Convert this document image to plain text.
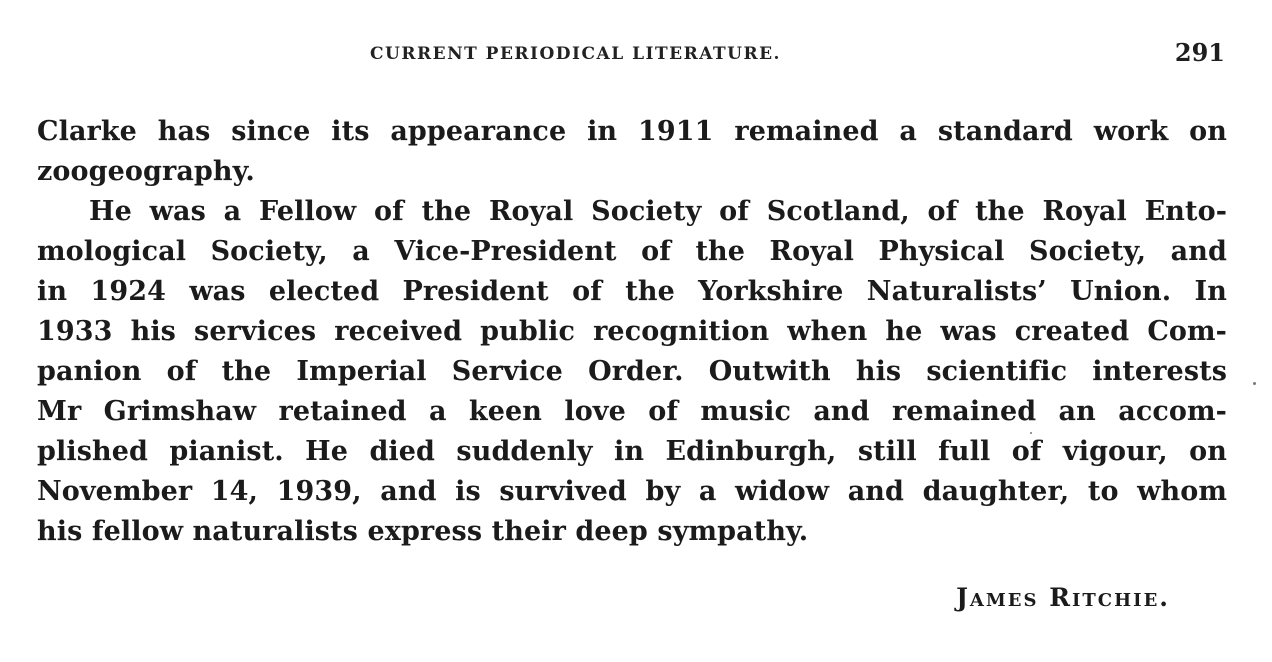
CURRENT PERIODICAL LITERATURE.	291
Clarke has since its appearance in 1911 remained a standard work on
zoogeography.
He was a Fellow of the Royal Society of Scotland, of the Royal Ento-
mological Society, a Vice-President of the Royal Physical Society, and
in 1924 was elected President of the Yorkshire Naturalists’ Union. In
1933 his services received public recognition when he was created Com-
panion of the Imperial Service Order. Outwith his scientific interests
Mr Grimshaw retained a keen love of music and remained an accom-
plished pianist. He died suddenly in Edinburgh, still full of vigour, on
November 14, 1939, and is survived by a widow and daughter, to whom
his fellow naturalists express their deep sympathy.
James Ritchie.
